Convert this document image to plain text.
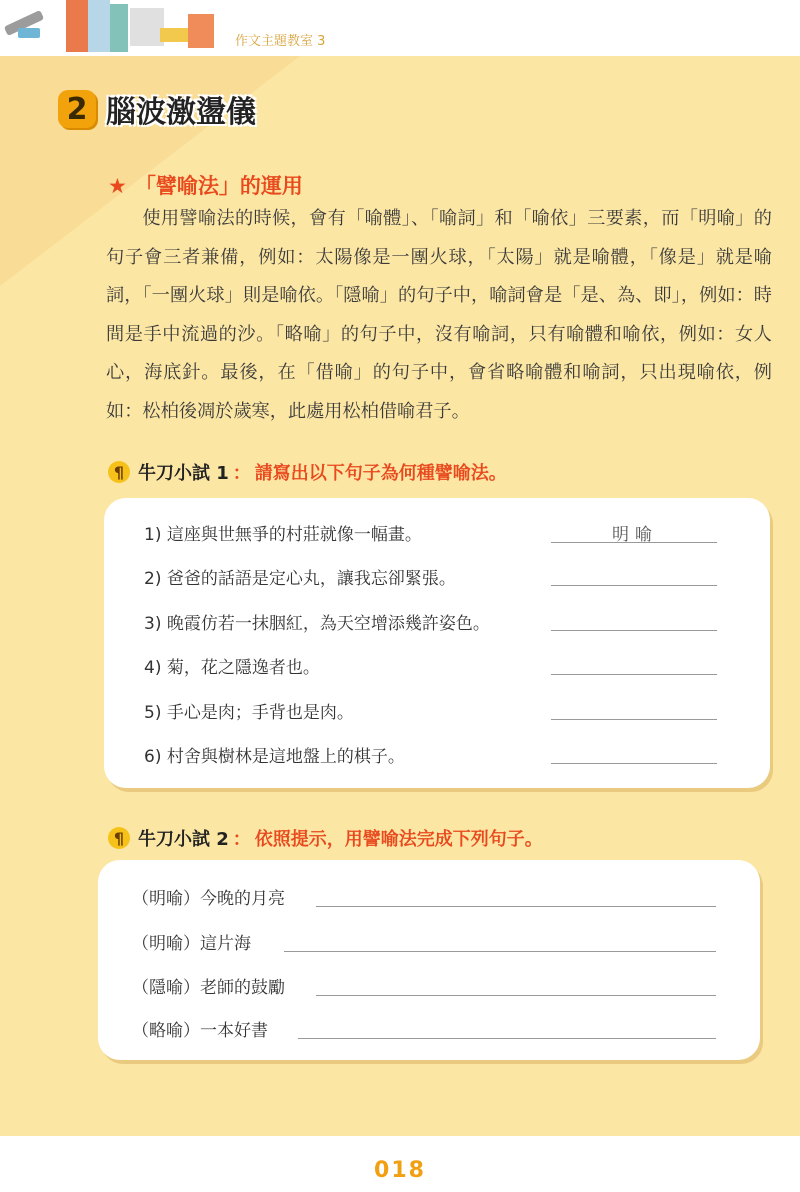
作文主題教室 3
2 腦波激盪儀
★ 「譬喻法」的運用

使用譬喻法的時候，會有「喻體」、「喻詞」和「喻依」三要素，而「明喻」的句子會三者兼備，例如：太陽像是一團火球，「太陽」就是喻體，「像是」就是喻詞，「一團火球」則是喻依。「隱喻」的句子中，喻詞會是「是、為、即」，例如：時間是手中流過的沙。「略喻」的句子中，沒有喻詞，只有喻體和喻依，例如：女人心，海底針。最後，在「借喻」的句子中，會省略喻體和喻詞，只出現喻依，例如：松柏後凋於歲寒，此處用松柏借喻君子。

¶ 牛刀小試 1 ： 請寫出以下句子為何種譬喻法。
1) 這座與世無爭的村莊就像一幅畫。	明喻
2) 爸爸的話語是定心丸，讓我忘卻緊張。
3) 晚霞仿若一抹胭紅，為天空增添幾許姿色。
4) 菊，花之隱逸者也。
5) 手心是肉；手背也是肉。
6) 村舍與樹林是這地盤上的棋子。
¶ 牛刀小試 2 ： 依照提示，用譬喻法完成下列句子。
（明喻）今晚的月亮
（明喻）這片海
（隱喻）老師的鼓勵
（略喻）一本好書
018
